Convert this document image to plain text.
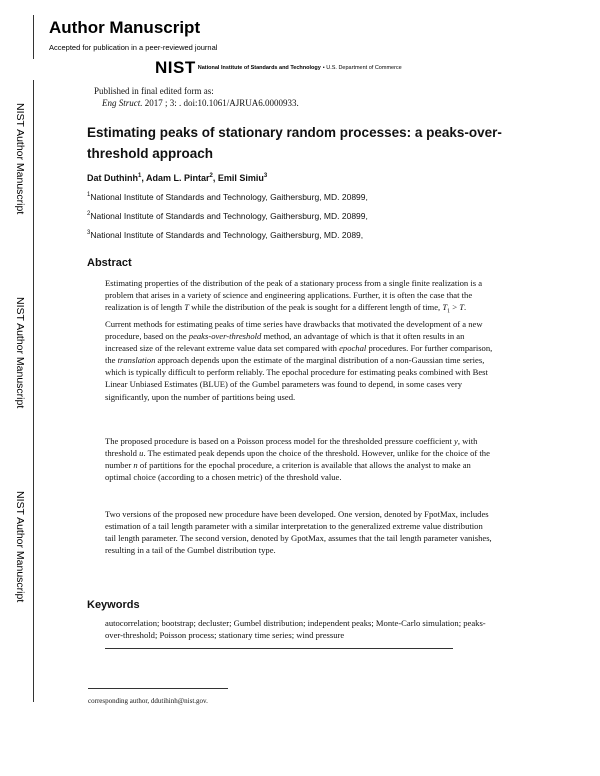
Author Manuscript
Accepted for publication in a peer-reviewed journal
NIST National Institute of Standards and Technology • U.S. Department of Commerce
NIST Author Manuscript
NIST Author Manuscript
NIST Author Manuscript
Published in final edited form as:
Eng Struct. 2017 ; 3: . doi:10.1061/AJRUA6.0000933.
Estimating peaks of stationary random processes: a peaks-over-threshold approach
Dat Duthinh$^1$, Adam L. Pintar$^2$, Emil Simiu$^3$
$^1$National Institute of Standards and Technology, Gaithersburg, MD. 20899,
$^2$National Institute of Standards and Technology, Gaithersburg, MD. 20899,
$^3$National Institute of Standards and Technology, Gaithersburg, MD. 2089,
Abstract

Estimating properties of the distribution of the peak of a stationary process from a single finite realization is a problem that arises in a variety of science and engineering applications. Further, it is often the case that the realization is of length T while the distribution of the peak is sought for a different length of time, $T_1 > T$. Current methods for estimating peaks of time series have drawbacks that motivated the development of a new procedure, based on the peaks-over-threshold method, an advantage of which is that it often results in an increased size of the relevant extreme value data set compared with epochal procedures. For further comparison, the translation approach depends upon the estimate of the marginal distribution of a non-Gaussian time series, which is typically difficult to perform reliably. The epochal procedure for estimating peaks combined with Best Linear Unbiased Estimates (BLUE) of the Gumbel parameters was found to depend, in some cases very significantly, upon the number of partitions being used.

The proposed procedure is based on a Poisson process model for the thresholded pressure coefficient y, with threshold u. The estimated peak depends upon the choice of the threshold. However, unlike for the choice of the number n of partitions for the epochal procedure, a criterion is available that allows the analyst to make an optimal choice (according to a chosen metric) of the threshold value.

Two versions of the proposed new procedure have been developed. One version, denoted by FpotMax, includes estimation of a tail length parameter with a similar interpretation to the generalized extreme value distribution tail length parameter. The second version, denoted by GpotMax, assumes that the tail length parameter vanishes, resulting in a tail of the Gumbel distribution type.

Keywords

autocorrelation; bootstrap; decluster; Gumbel distribution; independent peaks; Monte-Carlo simulation; peaks-over-threshold; Poisson process; stationary time series; wind pressure

corresponding author, ddutihinh@nist.gov.
